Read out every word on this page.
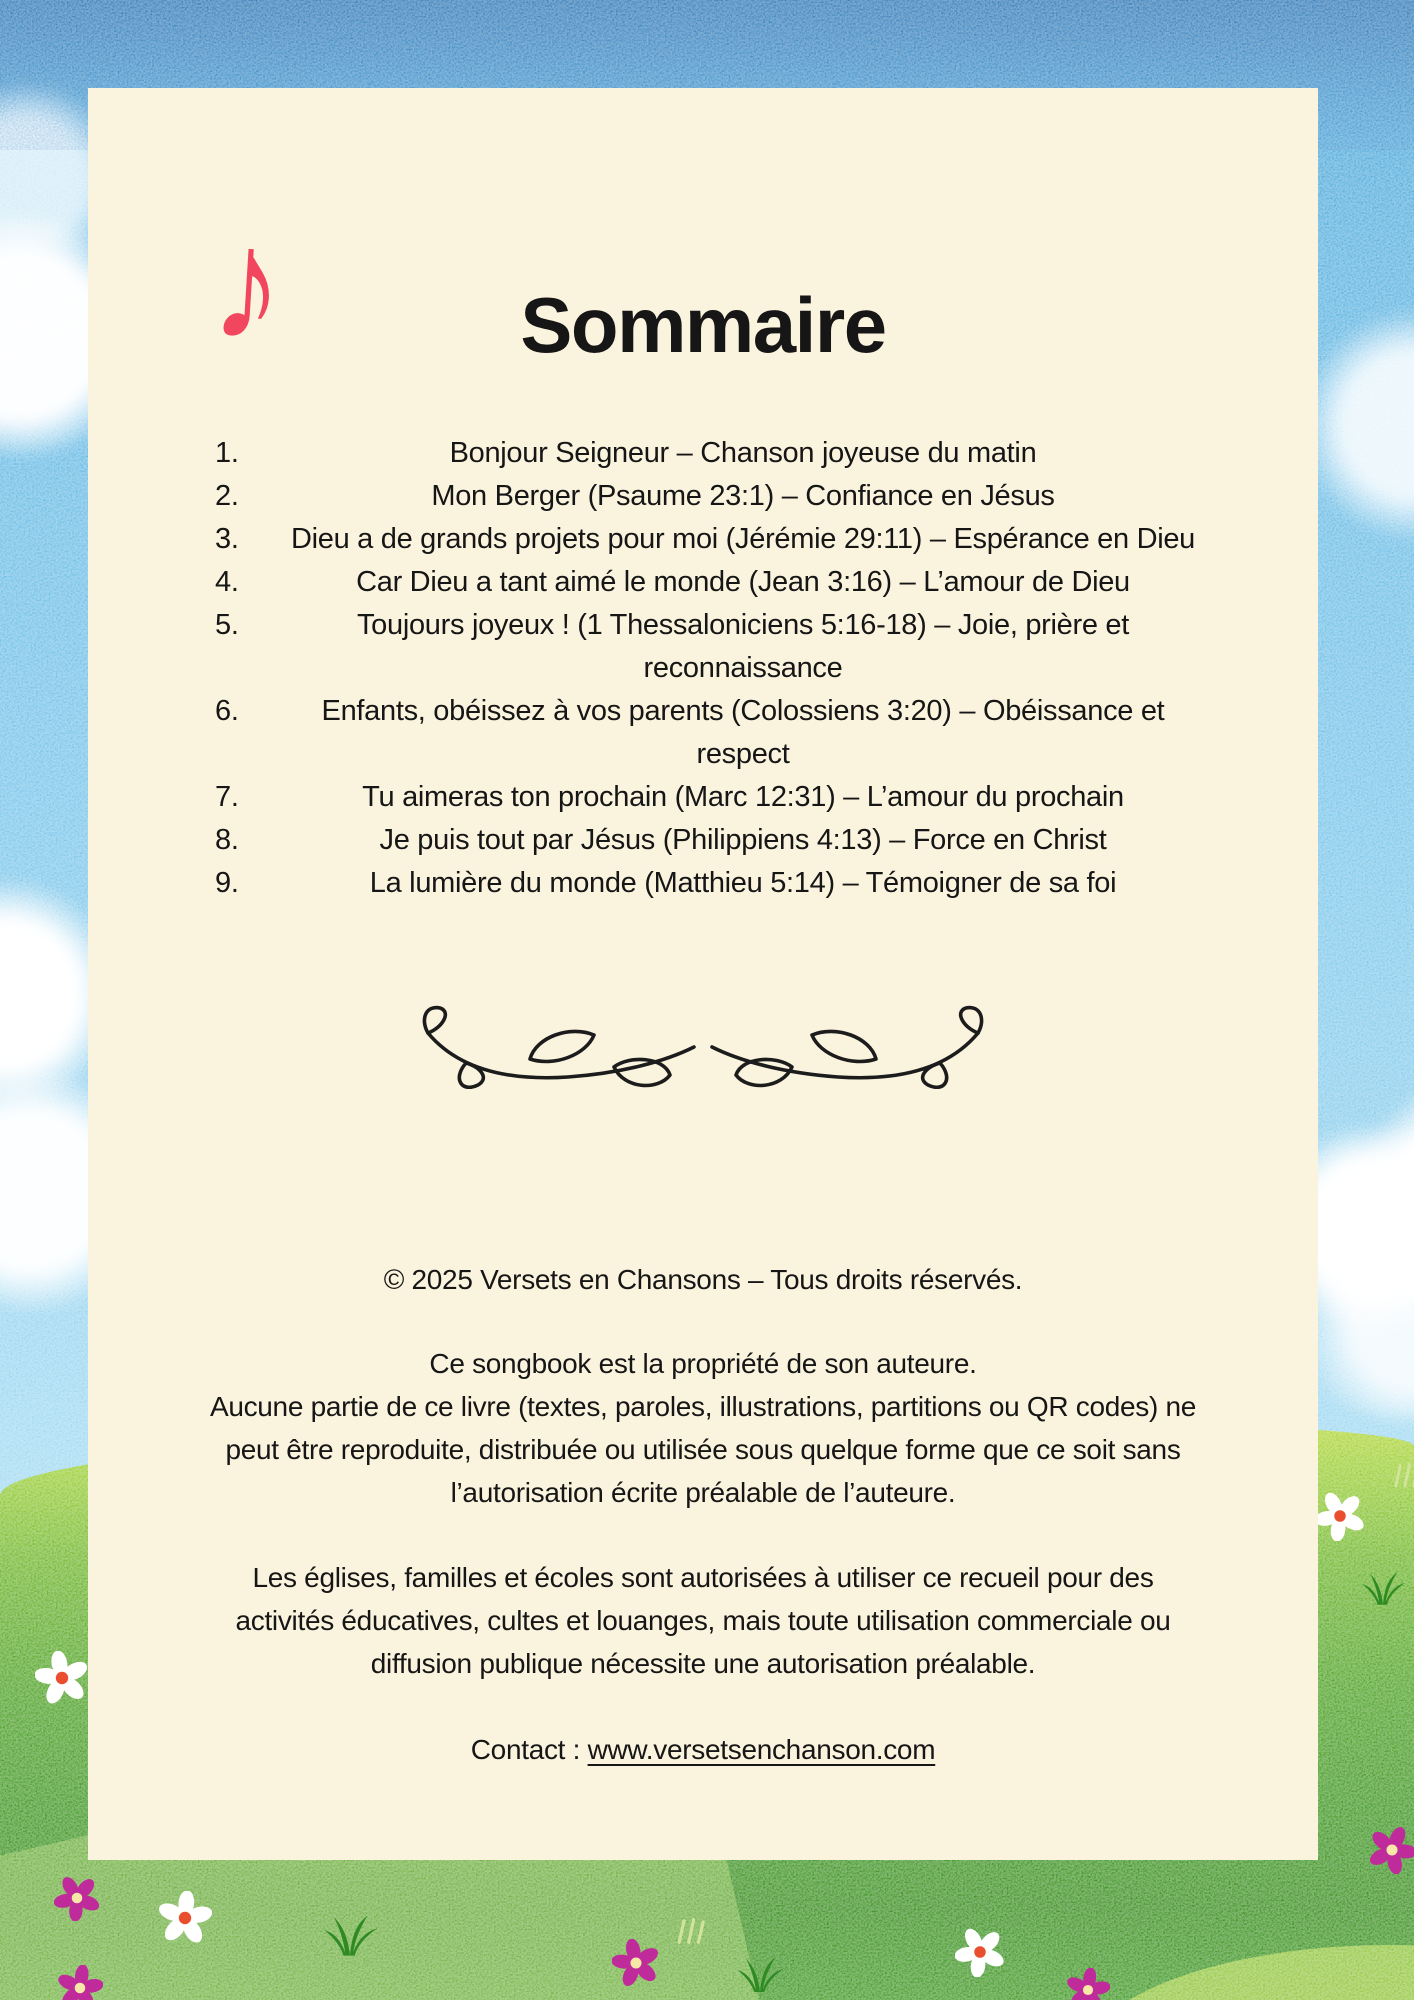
♪	Sommaire
1.	Bonjour Seigneur – Chanson joyeuse du matin
2.	Mon Berger (Psaume 23:1) – Confiance en Jésus
3.	Dieu a de grands projets pour moi (Jérémie 29:11) – Espérance en Dieu
4.	Car Dieu a tant aimé le monde (Jean 3:16) – L’amour de Dieu
5.	Toujours joyeux ! (1 Thessaloniciens 5:16-18) – Joie, prière et
reconnaissance
6.	Enfants, obéissez à vos parents (Colossiens 3:20) – Obéissance et
respect
7.	Tu aimeras ton prochain (Marc 12:31) – L’amour du prochain
8.	Je puis tout par Jésus (Philippiens 4:13) – Force en Christ
9.	La lumière du monde (Matthieu 5:14) – Témoigner de sa foi
© 2025 Versets en Chansons – Tous droits réservés.
Ce songbook est la propriété de son auteure.
Aucune partie de ce livre (textes, paroles, illustrations, partitions ou QR codes) ne
peut être reproduite, distribuée ou utilisée sous quelque forme que ce soit sans
l’autorisation écrite préalable de l’auteure.
Les églises, familles et écoles sont autorisées à utiliser ce recueil pour des
activités éducatives, cultes et louanges, mais toute utilisation commerciale ou
diffusion publique nécessite une autorisation préalable.
Contact : www.versetsenchanson.com
